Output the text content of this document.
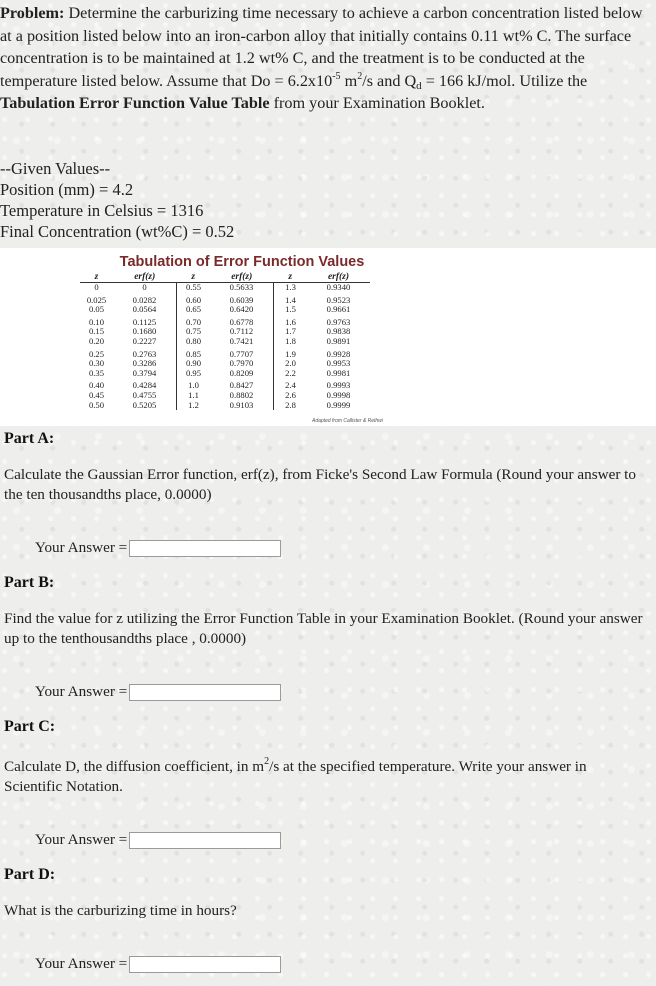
Problem: Determine the carburizing time necessary to achieve a carbon concentration listed below at a position listed below into an iron-carbon alloy that initially contains 0.11 wt% C. The surface concentration is to be maintained at 1.2 wt% C, and the treatment is to be conducted at the temperature listed below. Assume that $Do = 6.2x10^{-5}$ $m^2/s$ and $Q_d = 166$ kJ/mol. Utilize the Tabulation Error Function Value Table from your Examination Booklet.
--Given Values--
Position (mm) = 4.2
Temperature in Celsius = 1316
Final Concentration (wt%C) = 0.52
Tabulation of Error Function Values
z	erf(z)	z	erf(z)	z	erf(z)
0	0	0.55	0.5633	1.3	0.9340
0.025	0.0282	0.60	0.6039	1.4	0.9523
0.05	0.0564	0.65	0.6420	1.5	0.9661
0.10	0.1125	0.70	0.6778	1.6	0.9763
0.15	0.1680	0.75	0.7112	1.7	0.9838
0.20	0.2227	0.80	0.7421	1.8	0.9891
0.25	0.2763	0.85	0.7707	1.9	0.9928
0.30	0.3286	0.90	0.7970	2.0	0.9953
0.35	0.3794	0.95	0.8209	2.2	0.9981
0.40	0.4284	1.0	0.8427	2.4	0.9993
0.45	0.4755	1.1	0.8802	2.6	0.9998
0.50	0.5205	1.2	0.9103	2.8	0.9999
Adapted from Callister & Rethwi
Part A:
Calculate the Gaussian Error function, erf(z), from Ficke's Second Law Formula (Round your answer to the ten thousandths place, 0.0000)
Your Answer =
Part B:
Find the value for z utilizing the Error Function Table in your Examination Booklet. (Round your answer up to the tenthousandths place , 0.0000)
Your Answer =
Part C:
Calculate D, the diffusion coefficient, in $m^2/s$ at the specified temperature. Write your answer in Scientific Notation.
Your Answer =
Part D:
What is the carburizing time in hours?
Your Answer =
